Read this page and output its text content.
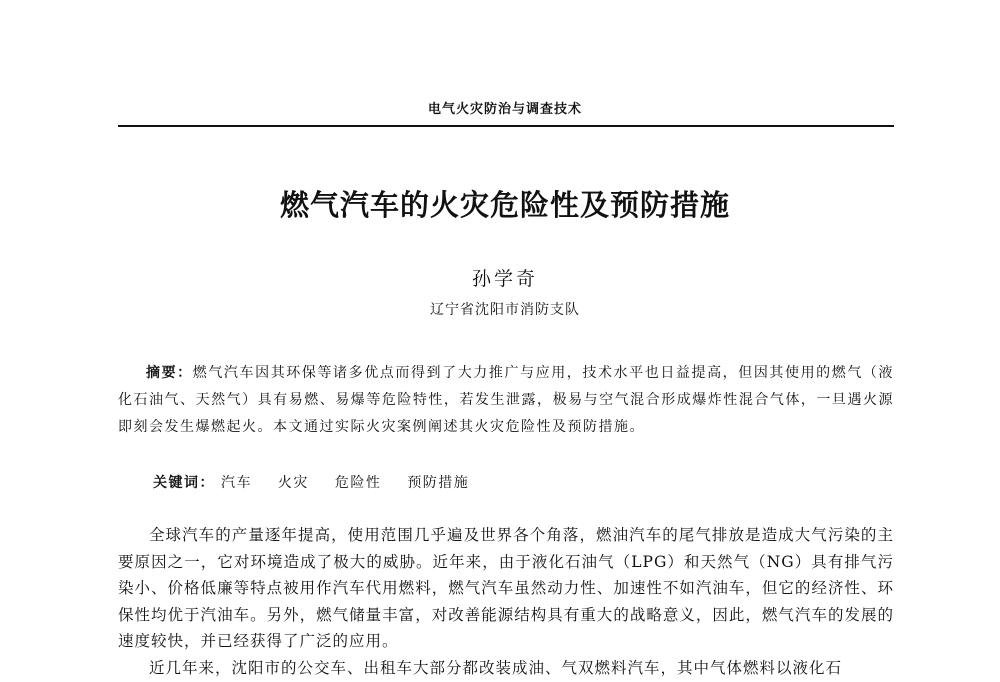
电气火灾防治与调查技术
燃气汽车的火灾危险性及预防措施
孙学奇
辽宁省沈阳市消防支队

摘要：燃气汽车因其环保等诸多优点而得到了大力推广与应用，技术水平也日益提高，但因其使用的燃气（液化石油气、天然气）具有易燃、易爆等危险特性，若发生泄露，极易与空气混合形成爆炸性混合气体，一旦遇火源即刻会发生爆燃起火。本文通过实际火灾案例阐述其火灾危险性及预防措施。

关键词： 汽车 火灾 危险性 预防措施

全球汽车的产量逐年提高，使用范围几乎遍及世界各个角落，燃油汽车的尾气排放是造成大气污染的主要原因之一，它对环境造成了极大的威胁。近年来，由于液化石油气（LPG）和天然气（NG）具有排气污染小、价格低廉等特点被用作汽车代用燃料，燃气汽车虽然动力性、加速性不如汽油车，但它的经济性、环保性均优于汽油车。另外，燃气储量丰富，对改善能源结构具有重大的战略意义，因此，燃气汽车的发展的速度较快，并已经获得了广泛的应用。

近几年来，沈阳市的公交车、出租车大部分都改装成油、气双燃料汽车，其中气体燃料以液化石
